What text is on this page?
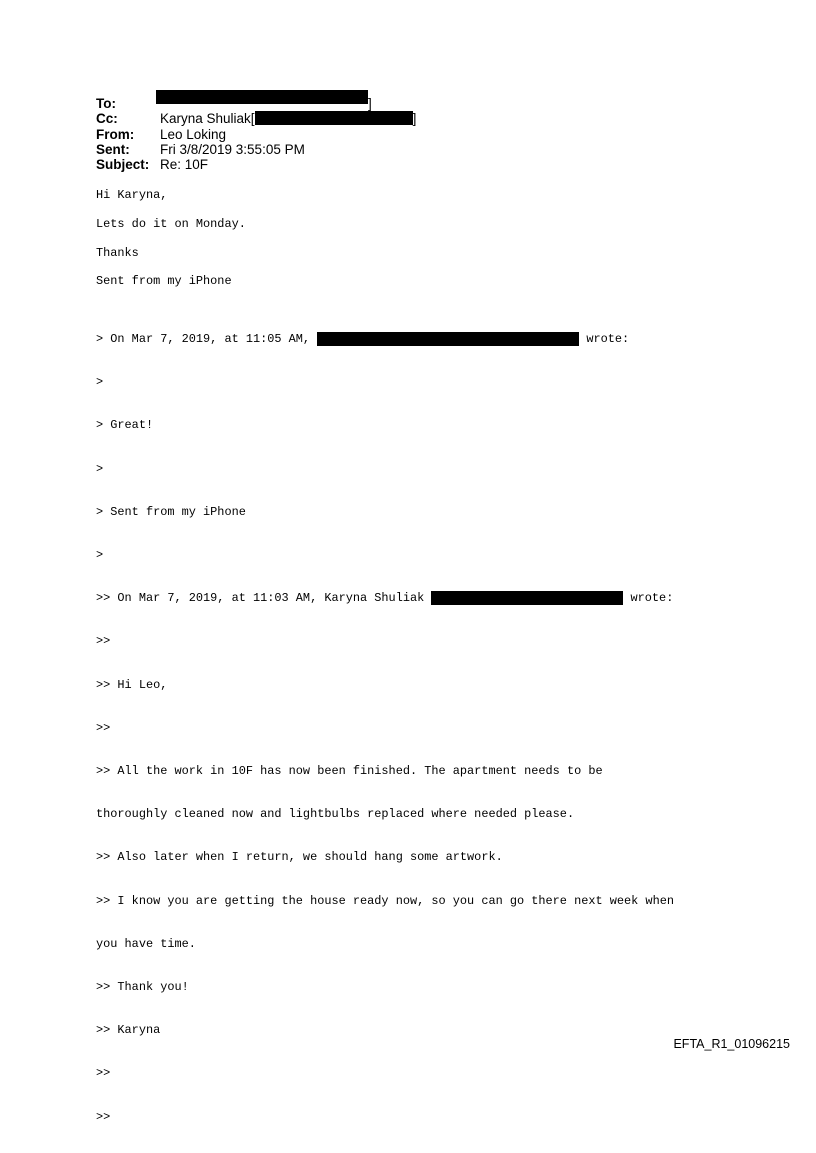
To:	]
Cc:	Karyna Shuliak[	]
From: Leo Loking
Sent: Fri 3/8/2019 3:55:05 PM
Subject: Re: 10F
Hi Karyna,
Lets do it on Monday.
Thanks
Sent from my iPhone

> On Mar 7, 2019, at 11:05 AM,	wrote:

>

> Great!

>

> Sent from my iPhone

>

>> On Mar 7, 2019, at 11:03 AM, Karyna Shuliak	wrote:

>>

>> Hi Leo,

>>

>> All the work in 10F has now been finished. The apartment needs to be

thoroughly cleaned now and lightbulbs replaced where needed please.

>> Also later when I return, we should hang some artwork.

>> I know you are getting the house ready now, so you can go there next week when

you have time.

>> Thank you!

>> Karyna

>>

>>

EFTA_R1_01096215
